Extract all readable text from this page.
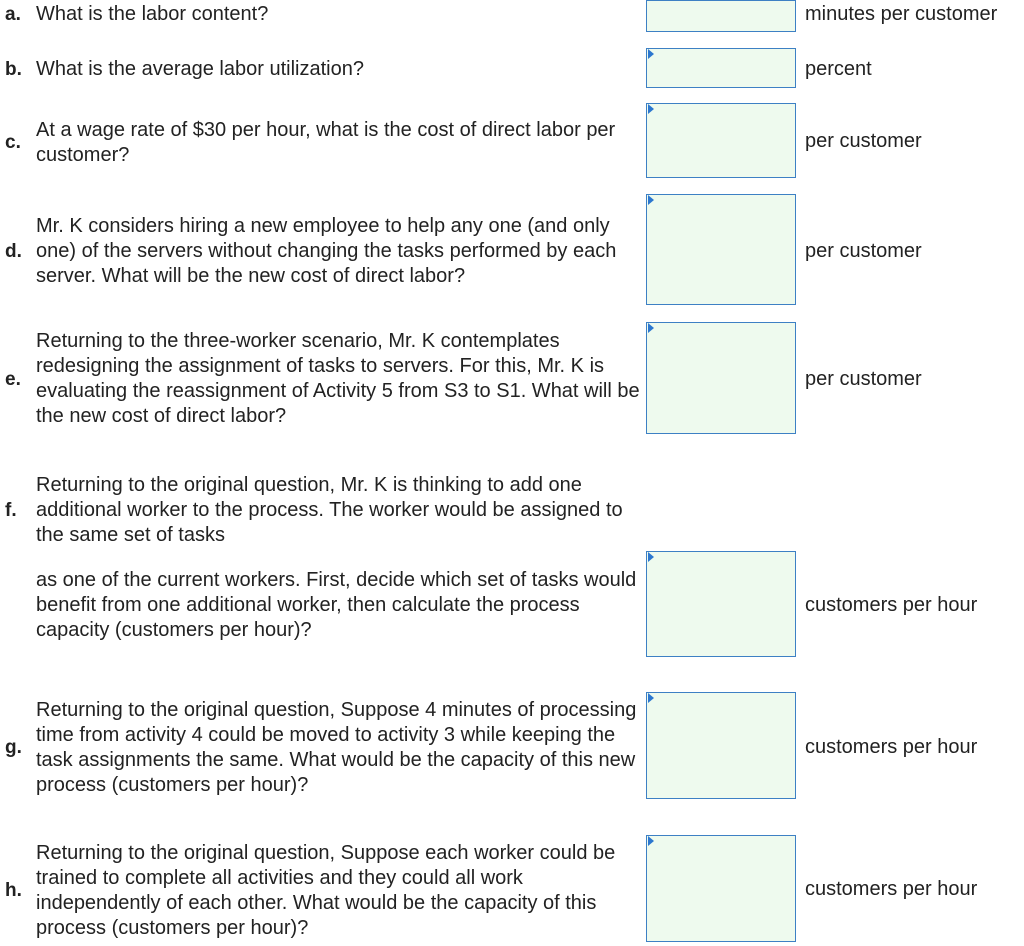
a. What is the labor content?	minutes per customer
b. What is the average labor utilization?	percent
c.
At a wage rate of $30 per hour, what is the cost of direct labor per customer?
per customer
d.
Mr. K considers hiring a new employee to help any one (and only one) of the servers without changing the tasks performed by each server. What will be the new cost of direct labor?
per customer
e.
Returning to the three-worker scenario, Mr. K contemplates redesigning the assignment of tasks to servers. For this, Mr. K is evaluating the reassignment of Activity 5 from S3 to S1. What will be the new cost of direct labor?
per customer
f.
Returning to the original question, Mr. K is thinking to add one additional worker to the process. The worker would be assigned to the same set of tasks
as one of the current workers. First, decide which set of tasks would benefit from one additional worker, then calculate the process capacity (customers per hour)?
customers per hour
g.
Returning to the original question, Suppose 4 minutes of processing time from activity 4 could be moved to activity 3 while keeping the task assignments the same. What would be the capacity of this new process (customers per hour)?
customers per hour
h.
Returning to the original question, Suppose each worker could be trained to complete all activities and they could all work independently of each other. What would be the capacity of this process (customers per hour)?
customers per hour
